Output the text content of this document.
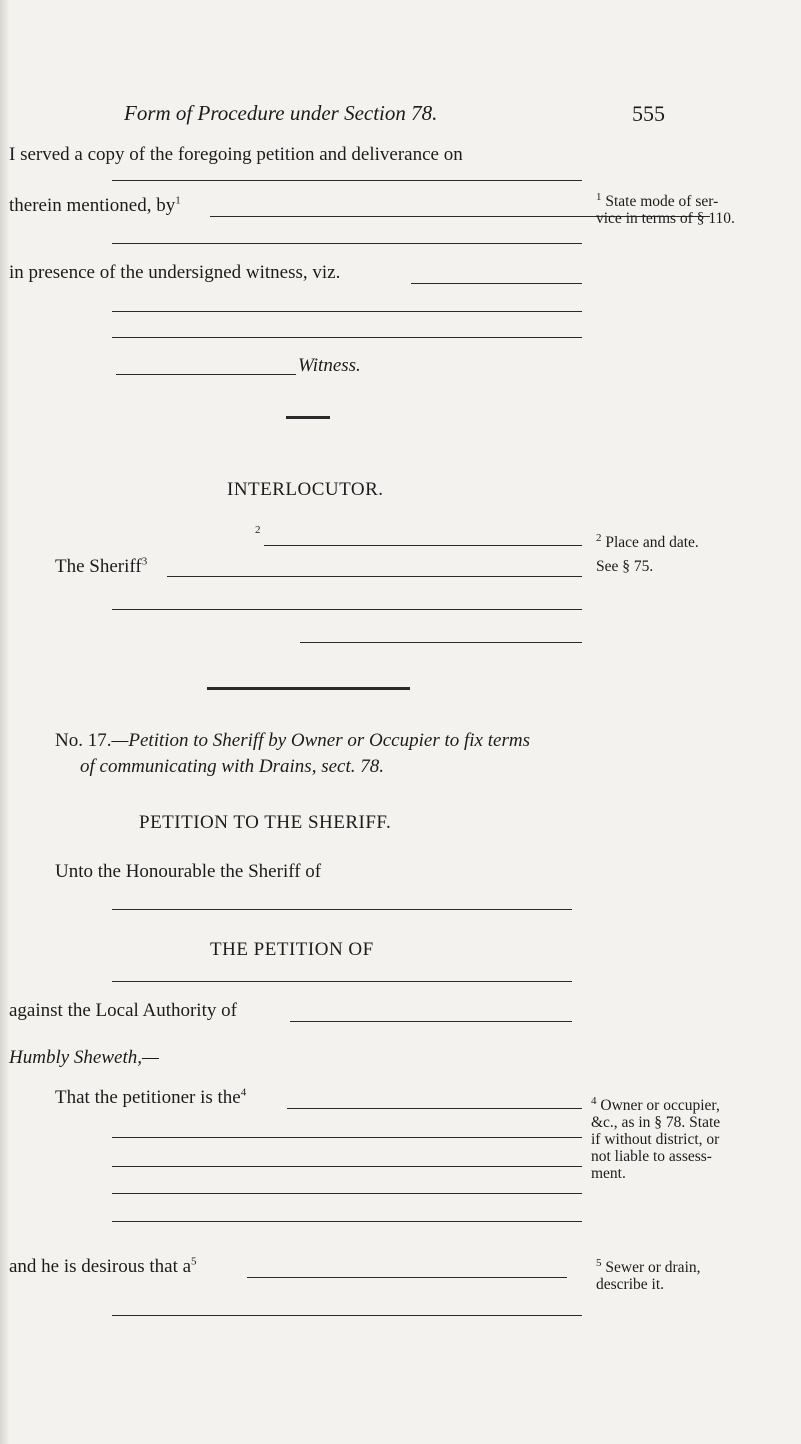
Form of Procedure under Section 78.	555
I served a copy of the foregoing petition and deliverance on
therein mentioned, $by^1$	$^1$ State mode of ser-
vice in terms of § 110.
in presence of the undersigned witness, viz.
Witness.
INTERLOCUTOR.
2
$^2$ Place and date.
See § 75.
The Sheriff$^3$
No. 17.—Petition to Sheriff by Owner or Occupier to fix terms
of communicating with Drains, sect. 78.
PETITION TO THE SHERIFF.
Unto the Honourable the Sheriff of
THE PETITION OF
against the Local Authority of
Humbly Sheweth,—
That the petitioner is the$^4$
$^4$ Owner or occupier,
&c., as in § 78. State
if without district, or
not liable to assess-
ment.
and he is desirous that $a^5$	$^5$ Sewer or drain,
describe it.
